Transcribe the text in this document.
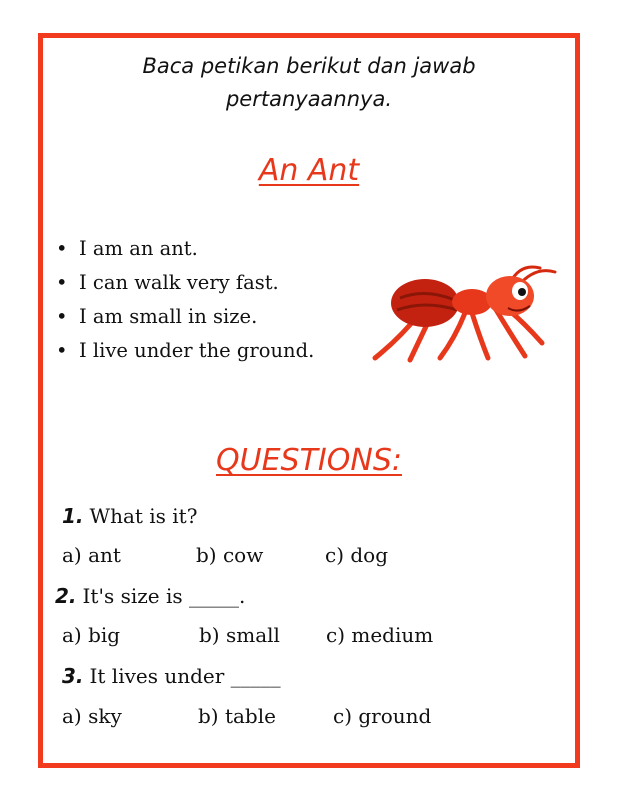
Baca petikan berikut dan jawab
pertanyaannya.
An Ant
• I am an ant.
• I can walk very fast.
• I am small in size.
• I live under the ground.
QUESTIONS:
1. What is it?
a) ant	b) cow	c) dog
2. It's size is _____.
a) big	b) small c) medium
3. It lives under _____
a) sky	b) table	c) ground
